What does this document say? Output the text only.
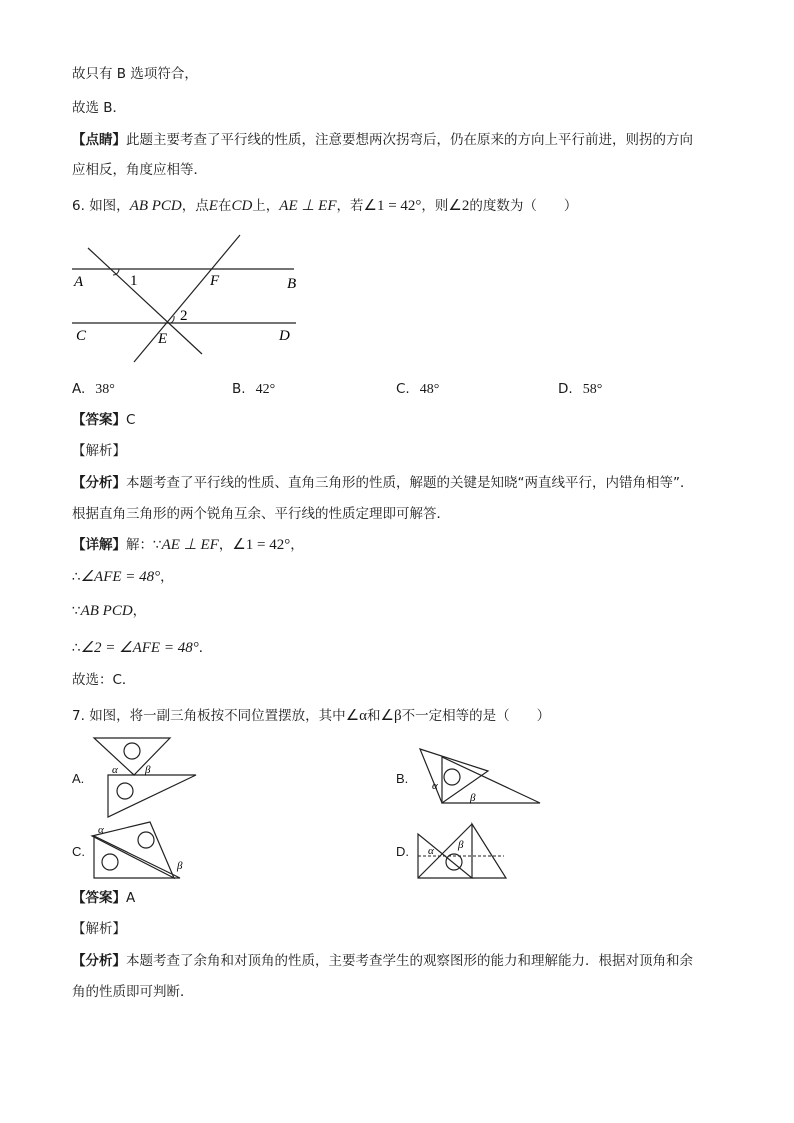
故只有 B 选项符合，
故选 B．
【点睛】此题主要考查了平行线的性质，注意要想两次拐弯后，仍在原来的方向上平行前进，则拐的方向
应相反，角度应相等．
6. 如图，AB PCD，点E在CD上，AE ⊥ EF，若∠1 = 42°，则∠2的度数为（　　）
A	1	F	B
2
C	E	D
A. 38°	B. 42°	C. 48°	D. 58°
【答案】C
【解析】
【分析】本题考查了平行线的性质、直角三角形的性质，解题的关键是知晓“两直线平行，内错角相等”．
根据直角三角形的两个锐角互余、平行线的性质定理即可解答．
【详解】解：∵AE ⊥ EF，∠1 = 42°，
∴∠AFE = 48°，
∵AB PCD，
∴∠2 = ∠AFE = 48°．
故选：C．
7. 如图，将一副三角板按不同位置摆放，其中∠α和∠β不一定相等的是（　　）
A.
α β
B. α
β
C.
α
β
D. α β
【答案】A
【解析】
【分析】本题考查了余角和对顶角的性质，主要考查学生的观察图形的能力和理解能力．根据对顶角和余
角的性质即可判断．
